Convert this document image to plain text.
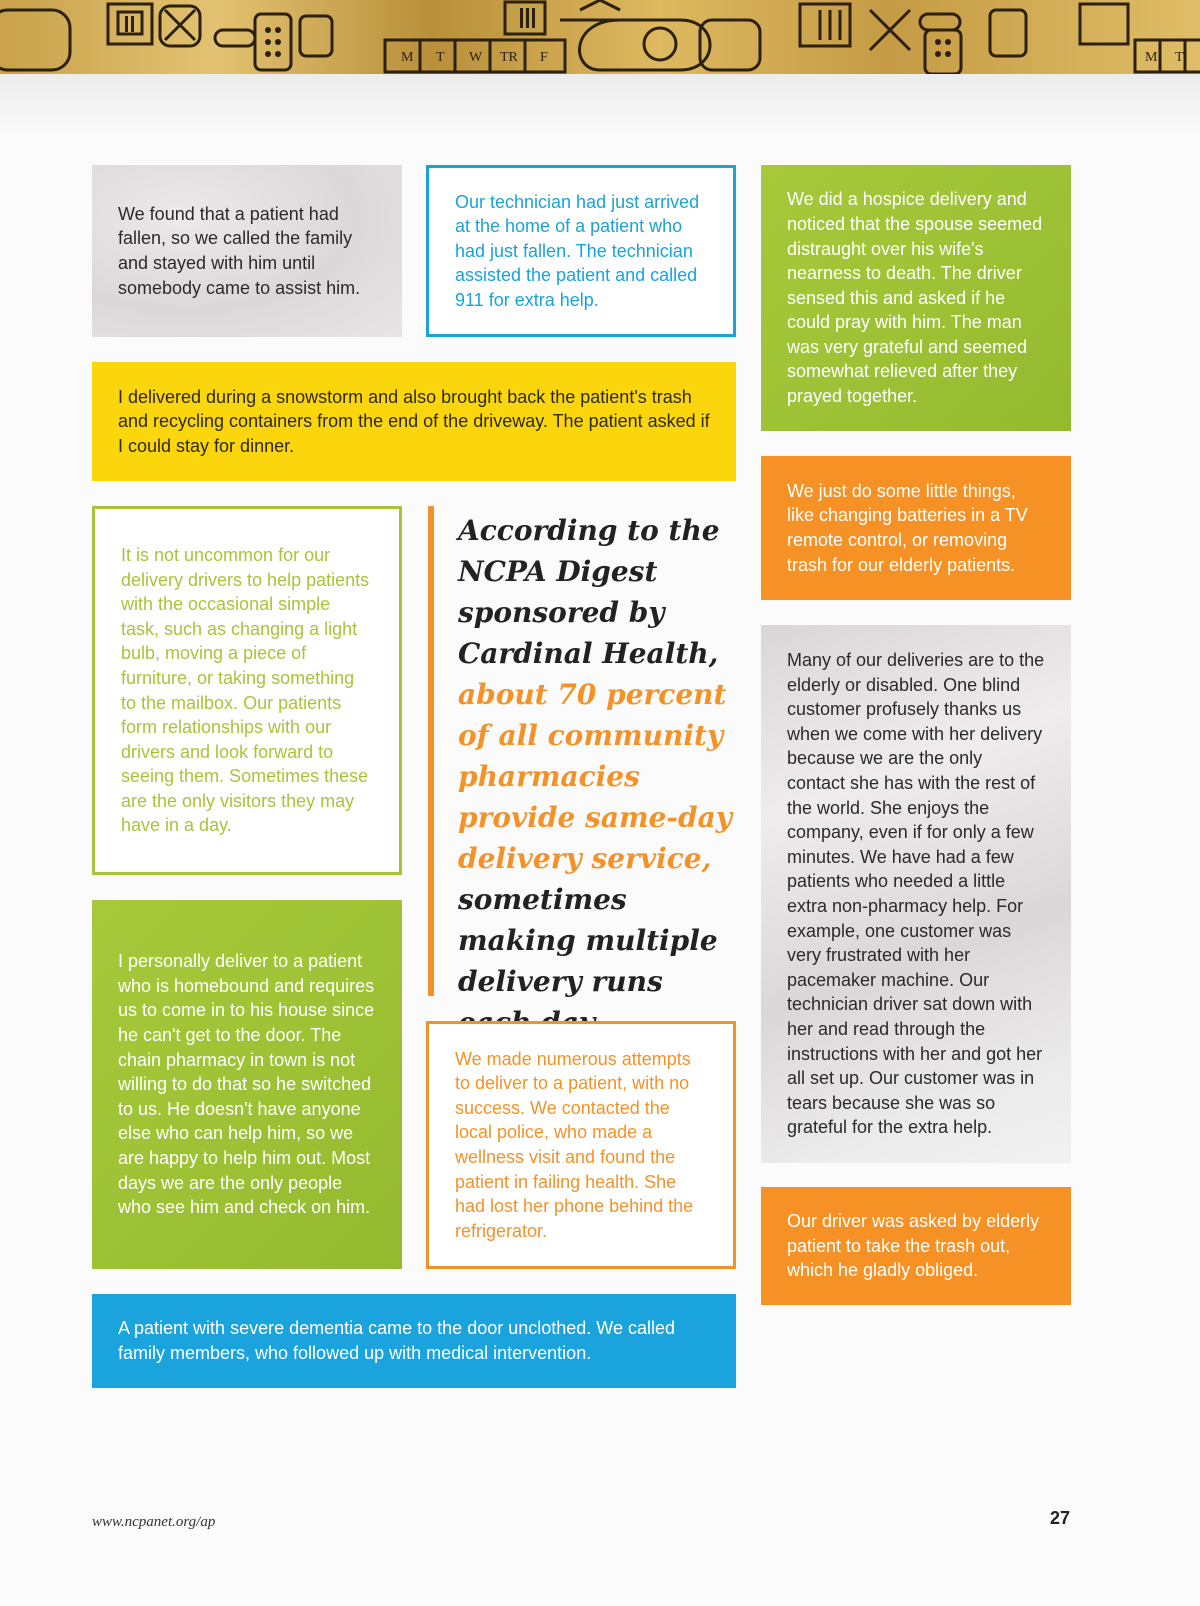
M T W TR F	M T

We found that a patient had fallen, so we called the family and stayed with him until somebody came to assist him.

Our technician had just arrived at the home of a patient who had just fallen. The technician assisted the patient and called 911 for extra help.

We did a hospice delivery and noticed that the spouse seemed distraught over his wife's nearness to death. The driver sensed this and asked if he could pray with him. The man was very grateful and seemed somewhat relieved after they prayed together.

I delivered during a snowstorm and also brought back the patient's trash and recycling containers from the end of the driveway. The patient asked if I could stay for dinner.

We just do some little things, like changing batteries in a TV remote control, or removing trash for our elderly patients.

It is not uncommon for our delivery drivers to help patients with the occasional simple task, such as changing a light bulb, moving a piece of furniture, or taking something to the mailbox. Our patients form relationships with our drivers and look forward to seeing them. Sometimes these are the only visitors they may have in a day.

According to the NCPA Digest sponsored by Cardinal Health, about 70 percent of all community pharmacies provide same-day delivery service, sometimes making multiple delivery runs

Many of our deliveries are to the elderly or disabled. One blind customer profusely thanks us when we come with her delivery because we are the only contact she has with the rest of the world. She enjoys the company, even if for only a few minutes. We have had a few patients who needed a little extra non-pharmacy help. For example, one customer was very frustrated with her pacemaker machine. Our technician driver sat down with her and read through the instructions with her and got her all set up. Our customer was in tears because she was so grateful for the extra help.

I personally deliver to a patient who is homebound and requires us to come in to his house since he can't get to the door. The chain pharmacy in town is not willing to do that so he switched to us. He doesn't have anyone else who can help him, so we are happy to help him out. Most days we are the only people who see him and check on him.

We made numerous attempts to deliver to a patient, with no success. We contacted the local police, who made a wellness visit and found the patient in failing health. She had lost her phone behind the refrigerator.	Our driver was asked by elderly patient to take the trash out, which he gladly obliged.

A patient with severe dementia came to the door unclothed. We called family members, who followed up with medical intervention.

www.ncpanet.org/ap	27
